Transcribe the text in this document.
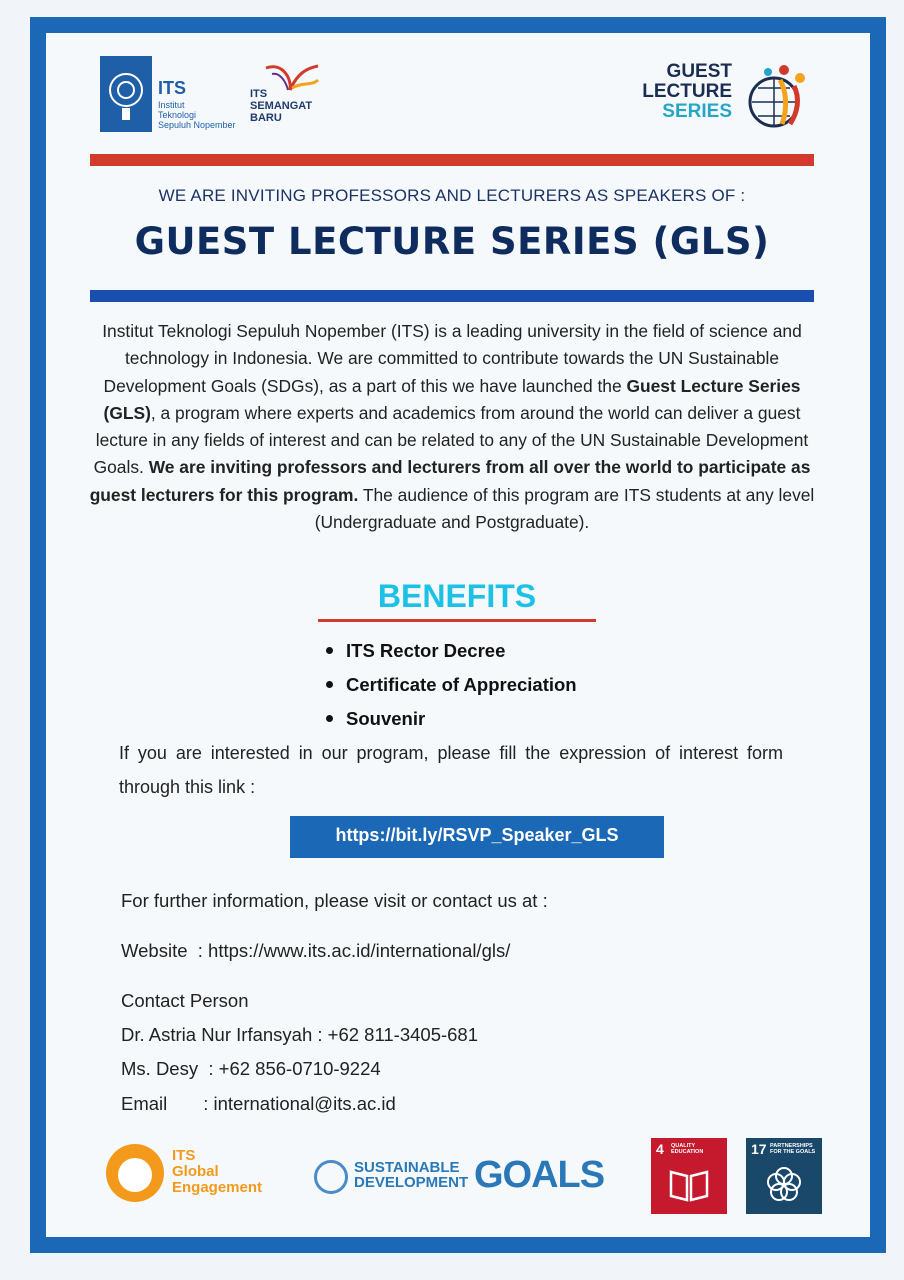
ITS
Institut
Teknologi
Sepuluh Nopember
ITS
SEMANGAT
BARU
GUEST
LECTURE
SERIES
WE ARE INVITING PROFESSORS AND LECTURERS AS SPEAKERS OF :
GUEST LECTURE SERIES (GLS)
Institut Teknologi Sepuluh Nopember (ITS) is a leading university in the field of science and technology in Indonesia. We are committed to contribute towards the UN Sustainable Development Goals (SDGs), as a part of this we have launched the Guest Lecture Series (GLS), a program where experts and academics from around the world can deliver a guest lecture in any fields of interest and can be related to any of the UN Sustainable Development Goals. We are inviting professors and lecturers from all over the world to participate as guest lecturers for this program. The audience of this program are ITS students at any level (Undergraduate and Postgraduate).
BENEFITS
ITS Rector Decree
Certificate of Appreciation
Souvenir
If you are interested in our program, please fill the expression of interest form through this link :
https://bit.ly/RSVP_Speaker_GLS
For further information, please visit or contact us at :
Website  : https://www.its.ac.id/international/gls/
Contact Person
Dr. Astria Nur Irfansyah : +62 811-3405-681
Ms. Desy  : +62 856-0710-9224
Email       : international@its.ac.id
ITS
Global
Engagement
SUSTAINABLE
DEVELOPMENT GOALS
4 QUALITY
EDUCATION	17 PARTNERSHIPS
FOR THE GOALS
